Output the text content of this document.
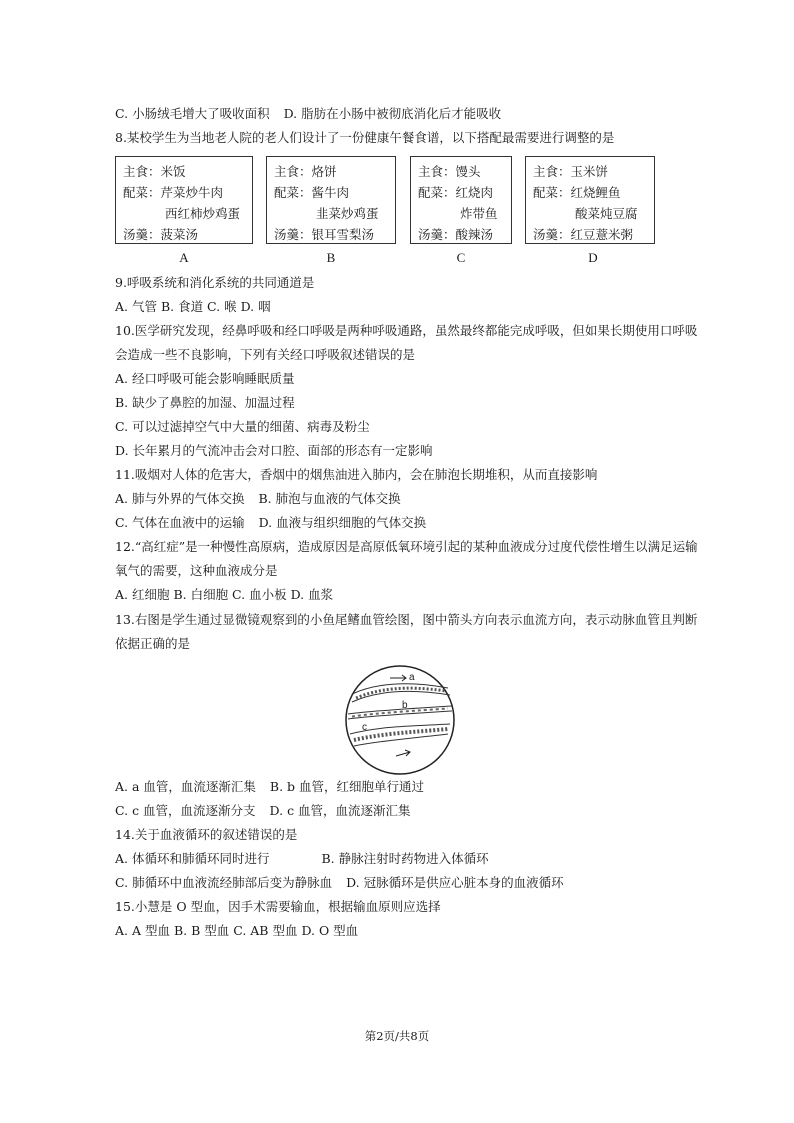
C. 小肠绒毛增大了吸收面积 D. 脂肪在小肠中被彻底消化后才能吸收
8.某校学生为当地老人院的老人们设计了一份健康午餐食谱，以下搭配最需要进行调整的是
主食：米饭
配菜：芹菜炒牛肉
西红柿炒鸡蛋
汤羹：菠菜汤
主食：烙饼
配菜：酱牛肉
韭菜炒鸡蛋
汤羹：银耳雪梨汤
主食：馒头
配菜：红烧肉
炸带鱼
汤羹：酸辣汤
主食：玉米饼
配菜：红烧鲤鱼
酸菜炖豆腐
汤羹：红豆薏米粥
A	B	C	D
9.呼吸系统和消化系统的共同通道是
A. 气管 B. 食道 C. 喉 D. 咽
10.医学研究发现，经鼻呼吸和经口呼吸是两种呼吸通路，虽然最终都能完成呼吸，但如果长期使用口呼吸
会造成一些不良影响，下列有关经口呼吸叙述错误的是
A. 经口呼吸可能会影响睡眠质量
B. 缺少了鼻腔的加湿、加温过程
C. 可以过滤掉空气中大量的细菌、病毒及粉尘
D. 长年累月的气流冲击会对口腔、面部的形态有一定影响
11.吸烟对人体的危害大，香烟中的烟焦油进入肺内，会在肺泡长期堆积，从而直接影响
A. 肺与外界的气体交换 B. 肺泡与血液的气体交换
C. 气体在血液中的运输 D. 血液与组织细胞的气体交换
12.“高红症”是一种慢性高原病，造成原因是高原低氧环境引起的某种血液成分过度代偿性增生以满足运输
氧气的需要，这种血液成分是
A. 红细胞 B. 白细胞 C. 血小板 D. 血浆
13.右图是学生通过显微镜观察到的小鱼尾鳍血管绘图，图中箭头方向表示血流方向，表示动脉血管且判断
依据正确的是
a
b
c
A. a 血管，血流逐渐汇集 B. b 血管，红细胞单行通过
C. c 血管，血流逐渐分支 D. c 血管，血流逐渐汇集
14.关于血液循环的叙述错误的是
A. 体循环和肺循环同时进行	B. 静脉注射时药物进入体循环
C. 肺循环中血液流经肺部后变为静脉血 D. 冠脉循环是供应心脏本身的血液循环
15.小慧是 O 型血，因手术需要输血，根据输血原则应选择
A. A 型血 B. B 型血 C. AB 型血 D. O 型血
第2页/共8页
